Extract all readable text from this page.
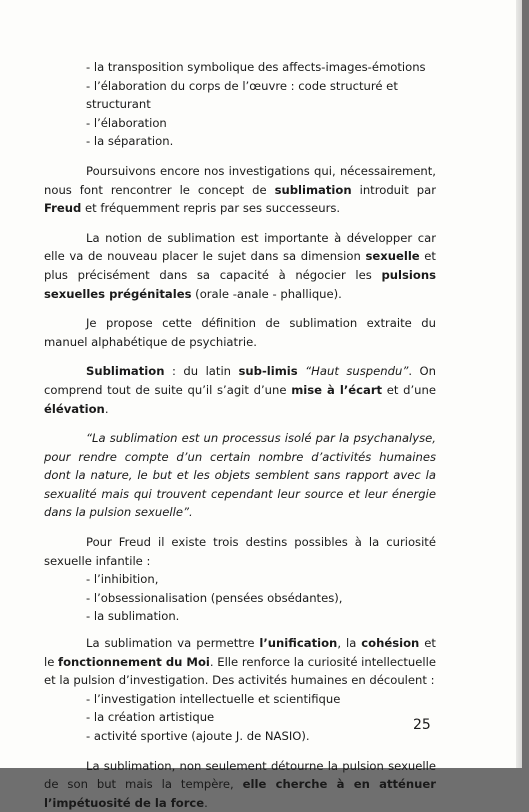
- la transposition symbolique des affects-images-émotions

- l’élaboration du corps de l’œuvre : code structuré et structurant

- l’élaboration

- la séparation.

Poursuivons encore nos investigations qui, nécessairement, nous font rencontrer le concept de sublimation introduit par Freud et fréquemment repris par ses successeurs.

La notion de sublimation est importante à développer car elle va de nouveau placer le sujet dans sa dimension sexuelle et plus précisément dans sa capacité à négocier les pulsions sexuelles prégénitales (orale -anale - phallique).

Je propose cette définition de sublimation extraite du manuel alphabétique de psychiatrie.

Sublimation : du latin sub-limis “Haut suspendu”. On comprend tout de suite qu’il s’agit d’une mise à l’écart et d’une élévation.

“La sublimation est un processus isolé par la psychanalyse, pour rendre compte d’un certain nombre d’activités humaines dont la nature, le but et les objets semblent sans rapport avec la sexualité mais qui trouvent cependant leur source et leur énergie dans la pulsion sexuelle”.

Pour Freud il existe trois destins possibles à la curiosité sexuelle infantile :

- l’inhibition,

- l’obsessionalisation (pensées obsédantes),

- la sublimation.

La sublimation va permettre l’unification, la cohésion et le fonctionnement du Moi. Elle renforce la curiosité intellectuelle et la pulsion d’investigation. Des activités humaines en découlent :

- l’investigation intellectuelle et scientifique

- la création artistique

- activité sportive (ajoute J. de NASIO).

La sublimation, non seulement détourne la pulsion sexuelle de son but mais la tempère, elle cherche à en atténuer l’impétuosité de la force.

25
